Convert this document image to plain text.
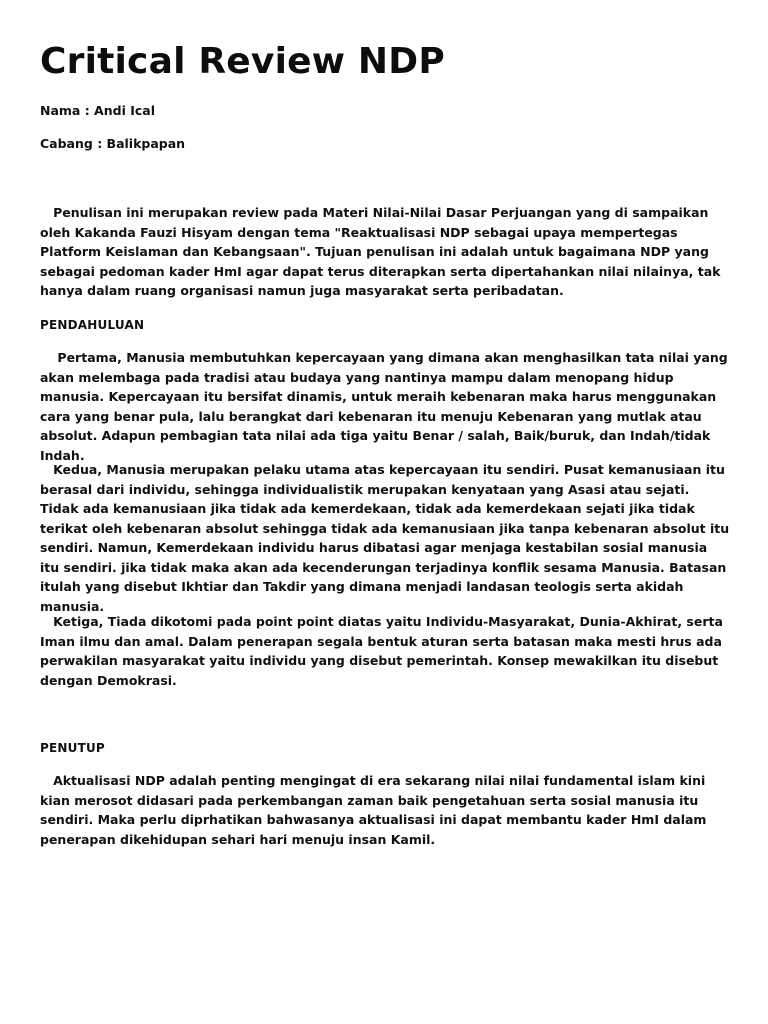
Critical Review NDP

Nama : Andi Ical

Cabang : Balikpapan

Penulisan ini merupakan review pada Materi Nilai-Nilai Dasar Perjuangan yang di sampaikan oleh Kakanda Fauzi Hisyam dengan tema "Reaktualisasi NDP sebagai upaya mempertegas Platform Keislaman dan Kebangsaan". Tujuan penulisan ini adalah untuk bagaimana NDP yang sebagai pedoman kader HmI agar dapat terus diterapkan serta dipertahankan nilai nilainya, tak hanya dalam ruang organisasi namun juga masyarakat serta peribadatan.

PENDAHULUAN

Pertama, Manusia membutuhkan kepercayaan yang dimana akan menghasilkan tata nilai yang akan melembaga pada tradisi atau budaya yang nantinya mampu dalam menopang hidup manusia. Kepercayaan itu bersifat dinamis, untuk meraih kebenaran maka harus menggunakan cara yang benar pula, lalu berangkat dari kebenaran itu menuju Kebenaran yang mutlak atau absolut. Adapun pembagian tata nilai ada tiga yaitu Benar / salah, Baik/buruk, dan Indah/tidak Indah.

Kedua, Manusia merupakan pelaku utama atas kepercayaan itu sendiri. Pusat kemanusiaan itu berasal dari individu, sehingga individualistik merupakan kenyataan yang Asasi atau sejati. Tidak ada kemanusiaan jika tidak ada kemerdekaan, tidak ada kemerdekaan sejati jika tidak terikat oleh kebenaran absolut sehingga tidak ada kemanusiaan jika tanpa kebenaran absolut itu sendiri. Namun, Kemerdekaan individu harus dibatasi agar menjaga kestabilan sosial manusia itu sendiri. jika tidak maka akan ada kecenderungan terjadinya konflik sesama Manusia. Batasan itulah yang disebut Ikhtiar dan Takdir yang dimana menjadi landasan teologis serta akidah manusia.

Ketiga, Tiada dikotomi pada point point diatas yaitu Individu-Masyarakat, Dunia-Akhirat, serta Iman ilmu dan amal. Dalam penerapan segala bentuk aturan serta batasan maka mesti hrus ada perwakilan masyarakat yaitu individu yang disebut pemerintah. Konsep mewakilkan itu disebut dengan Demokrasi.

PENUTUP

Aktualisasi NDP adalah penting mengingat di era sekarang nilai nilai fundamental islam kini kian merosot didasari pada perkembangan zaman baik pengetahuan serta sosial manusia itu sendiri. Maka perlu diprhatikan bahwasanya aktualisasi ini dapat membantu kader HmI dalam penerapan dikehidupan sehari hari menuju insan Kamil.
